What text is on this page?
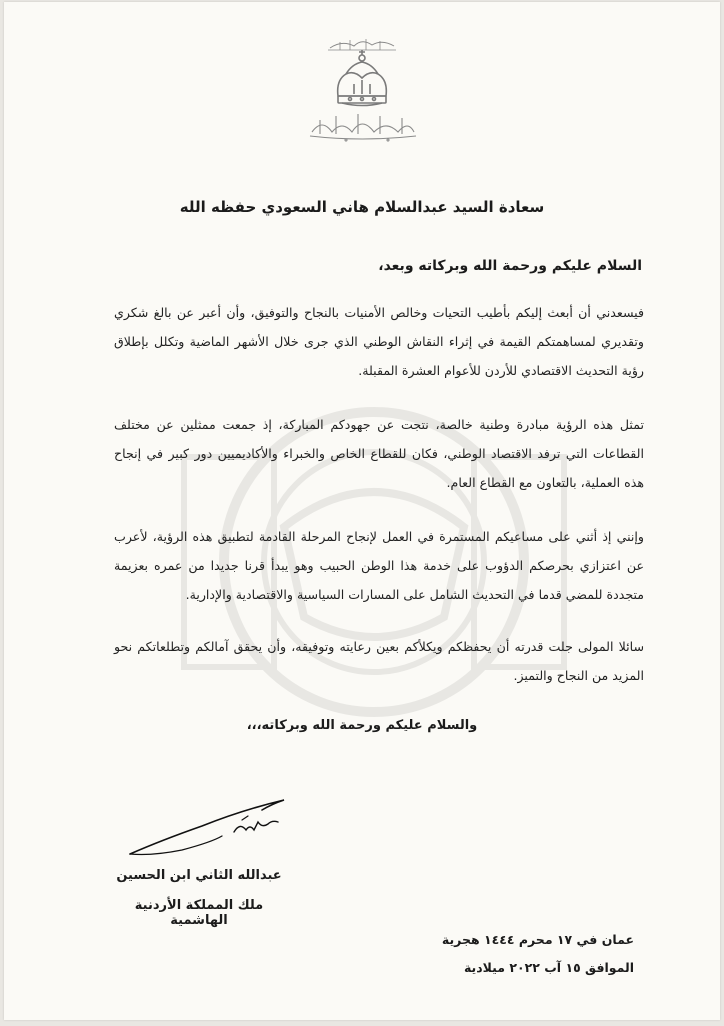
سعادة السيد عبدالسلام هاني السعودي حفظه الله
السلام عليكم ورحمة الله وبركاته وبعد،
فيسعدني أن أبعث إليكم بأطيب التحيات وخالص الأمنيات بالنجاح والتوفيق، وأن أعبر عن بالغ شكري وتقديري لمساهمتكم القيمة في إثراء النقاش الوطني الذي جرى خلال الأشهر الماضية وتكلل بإطلاق رؤية التحديث الاقتصادي للأردن للأعوام العشرة المقبلة.
تمثل هذه الرؤية مبادرة وطنية خالصة، نتجت عن جهودكم المباركة، إذ جمعت ممثلين عن مختلف القطاعات التي ترفد الاقتصاد الوطني، فكان للقطاع الخاص والخبراء والأكاديميين دور كبير في إنجاح هذه العملية، بالتعاون مع القطاع العام.
وإنني إذ أثني على مساعيكم المستمرة في العمل لإنجاح المرحلة القادمة لتطبيق هذه الرؤية، لأعرب عن اعتزازي بحرصكم الدؤوب على خدمة هذا الوطن الحبيب وهو يبدأ قرنا جديدا من عمره بعزيمة متجددة للمضي قدما في التحديث الشامل على المسارات السياسية والاقتصادية والإدارية.
سائلا المولى جلت قدرته أن يحفظكم ويكلأكم بعين رعايته وتوفيقه، وأن يحقق آمالكم وتطلعاتكم نحو المزيد من النجاح والتميز.
والسلام عليكم ورحمة الله وبركاته،،،
عبدالله الثاني ابن الحسين
ملك المملكة الأردنية الهاشمية
عمان في ١٧ محرم ١٤٤٤ هجرية
الموافق ١٥ آب ٢٠٢٢ ميلادية
